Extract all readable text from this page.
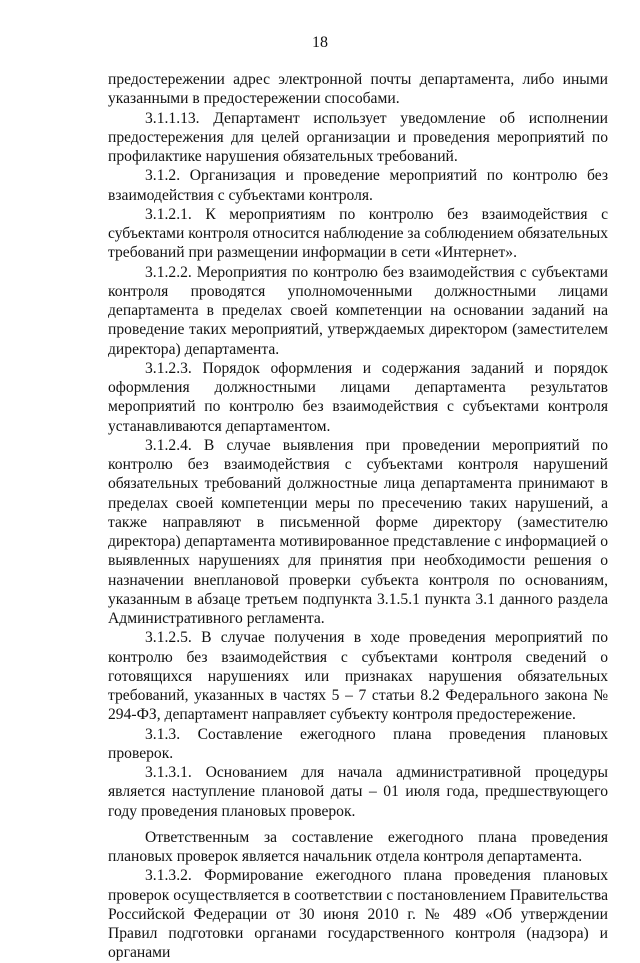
18

предостережении адрес электронной почты департамента, либо иными указанными в предостережении способами.

3.1.1.13. Департамент использует уведомление об исполнении предостережения для целей организации и проведения мероприятий по профилактике нарушения обязательных требований.

3.1.2. Организация и проведение мероприятий по контролю без взаимодействия с субъектами контроля.

3.1.2.1. К мероприятиям по контролю без взаимодействия с субъектами контроля относится наблюдение за соблюдением обязательных требований при размещении информации в сети «Интернет».

3.1.2.2. Мероприятия по контролю без взаимодействия с субъектами контроля проводятся уполномоченными должностными лицами департамента в пределах своей компетенции на основании заданий на проведение таких мероприятий, утверждаемых директором (заместителем директора) департамента.

3.1.2.3. Порядок оформления и содержания заданий и порядок оформления должностными лицами департамента результатов мероприятий по контролю без взаимодействия с субъектами контроля устанавливаются департаментом.

3.1.2.4. В случае выявления при проведении мероприятий по контролю без взаимодействия с субъектами контроля нарушений обязательных требований должностные лица департамента принимают в пределах своей компетенции меры по пресечению таких нарушений, а также направляют в письменной форме директору (заместителю директора) департамента мотивированное представление с информацией о выявленных нарушениях для принятия при необходимости решения о назначении внеплановой проверки субъекта контроля по основаниям, указанным в абзаце третьем подпункта 3.1.5.1 пункта 3.1 данного раздела Административного регламента.

3.1.2.5. В случае получения в ходе проведения мероприятий по контролю без взаимодействия с субъектами контроля сведений о готовящихся нарушениях или признаках нарушения обязательных требований, указанных в частях 5 – 7 статьи 8.2 Федерального закона № 294-ФЗ, департамент направляет субъекту контроля предостережение.

3.1.3. Составление ежегодного плана проведения плановых проверок.

3.1.3.1. Основанием для начала административной процедуры является наступление плановой даты – 01 июля года, предшествующего году проведения плановых проверок.

Ответственным за составление ежегодного плана проведения плановых проверок является начальник отдела контроля департамента.

3.1.3.2. Формирование ежегодного плана проведения плановых проверок осуществляется в соответствии с постановлением Правительства Российской Федерации от 30 июня 2010 г. № 489 «Об утверждении Правил подготовки органами государственного контроля (надзора) и органами
